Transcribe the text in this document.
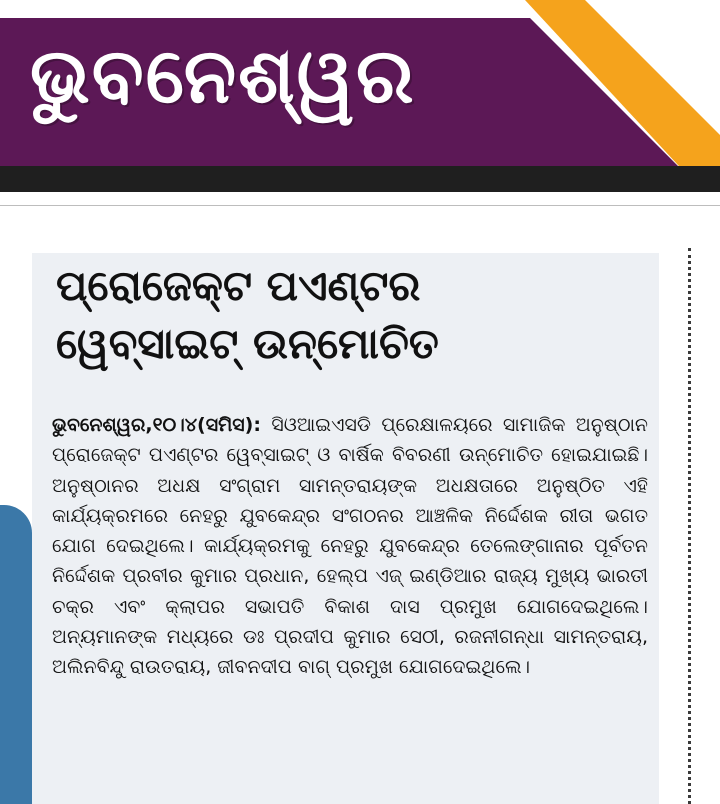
ଭୁବନେଶ୍ୱର
ପ୍ରୋଜେକ୍ଟ ପଏଣ୍ଟର
ୱେବ୍‌ସାଇଟ୍ ଉନ୍ମୋଚିତ
ଭୁବନେଶ୍ୱର,୧୦।୪(ସମିସ): ସିଓଆଇଏସଡି ପ୍ରେକ୍ଷାଳୟରେ ସାମାଜିକ ଅନୁଷ୍ଠାନ ପ୍ରୋଜେକ୍ଟ ପଏଣ୍ଟର ୱେବ୍‌ସାଇଟ୍ ଓ ବାର୍ଷିକ ବିବରଣୀ ଉନ୍ମୋଚିତ ହୋଇଯାଇଛି। ଅନୁଷ୍ଠାନର ଅଧକ୍ଷ ସଂଗ୍ରାମ ସାମନ୍ତରାୟଙ୍କ ଅଧକ୍ଷତାରେ ଅନୁଷ୍ଠିତ ଏହି କାର୍ଯ୍ୟକ୍ରମରେ ନେହରୁ ଯୁବକେନ୍ଦ୍ର ସଂଗଠନର ଆଞ୍ଚଳିକ ନିର୍ଦ୍ଦେଶକ ରୀତା ଭଗତ ଯୋଗ ଦେଇଥିଲେ। କାର୍ଯ୍ୟକ୍ରମକୁ ନେହରୁ ଯୁବକେନ୍ଦ୍ର ତେଲେଙ୍ଗାନାର ପୂର୍ବତନ ନିର୍ଦ୍ଦେଶକ ପ୍ରବୀର କୁମାର ପ୍ରଧାନ, ହେଲ୍ପ ଏଜ୍ ଇଣ୍ଡିଆର ରାଜ୍ୟ ମୁଖ୍ୟ ଭାରତୀ ଚକ୍ର ଏବଂ କ୍ଲାପର ସଭାପତି ବିକାଶ ଦାସ ପ୍ରମୁଖ ଯୋଗଦେଇଥିଲେ। ଅନ୍ୟମାନଙ୍କ ମଧ୍ୟରେ ଡଃ ପ୍ରଦୀପ କୁମାର ସେଠୀ, ରଜନୀଗନ୍ଧା ସାମନ୍ତରାୟ, ଅଲିନବିନ୍ଦୁ ରାଉତରାୟ, ଜୀବନଦୀପ ବାଗ୍ ପ୍ରମୁଖ ଯୋଗଦେଇଥିଲେ।
